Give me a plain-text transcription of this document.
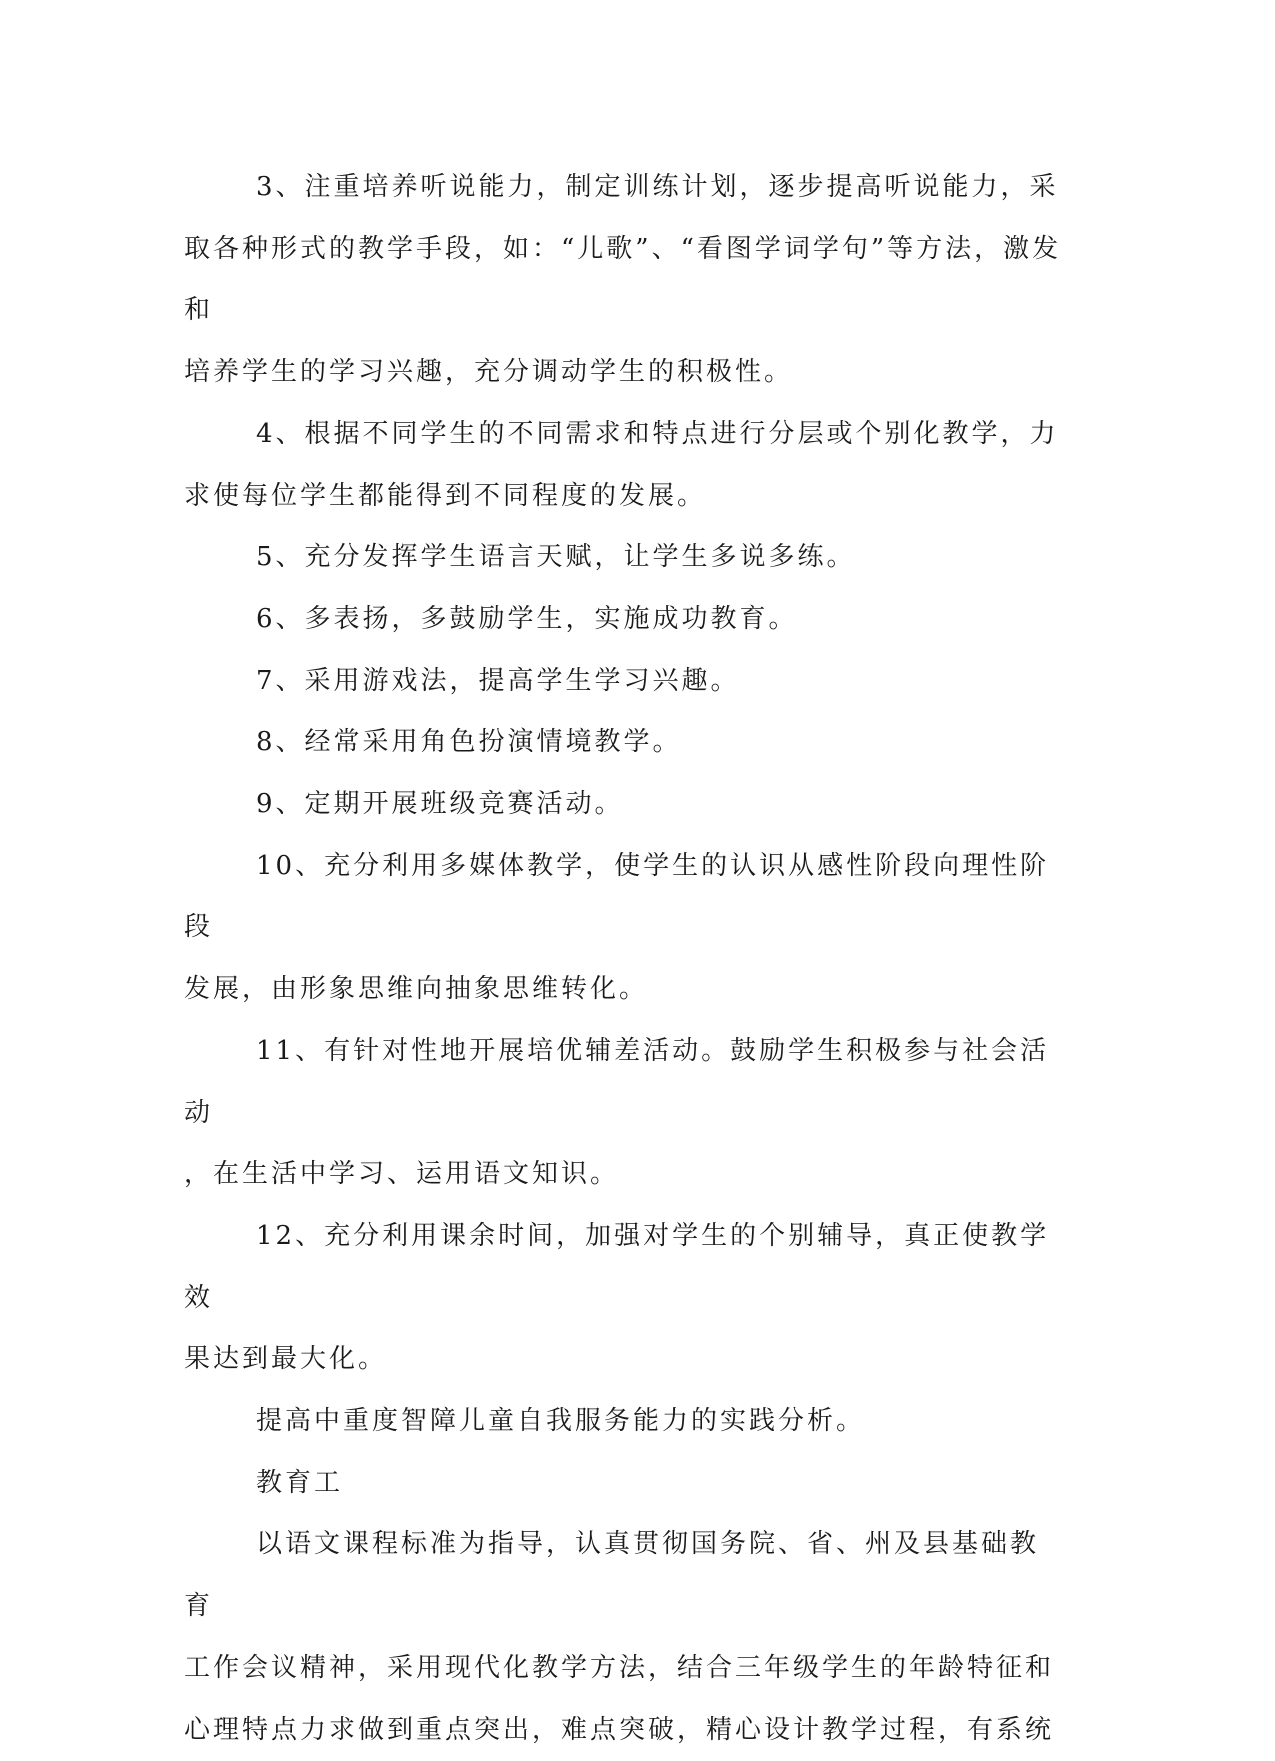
3、注重培养听说能力，制定训练计划，逐步提高听说能力，采
取各种形式的教学手段，如：“儿歌”、“看图学词学句”等方法，激发和
培养学生的学习兴趣，充分调动学生的积极性。

4、根据不同学生的不同需求和特点进行分层或个别化教学，力
求使每位学生都能得到不同程度的发展。

5、充分发挥学生语言天赋，让学生多说多练。

6、多表扬，多鼓励学生，实施成功教育。

7、采用游戏法，提高学生学习兴趣。

8、经常采用角色扮演情境教学。

9、定期开展班级竞赛活动。

10、充分利用多媒体教学，使学生的认识从感性阶段向理性阶段
发展，由形象思维向抽象思维转化。

11、有针对性地开展培优辅差活动。鼓励学生积极参与社会活动
，在生活中学习、运用语文知识。

12、充分利用课余时间，加强对学生的个别辅导，真正使教学效
果达到最大化。

提高中重度智障儿童自我服务能力的实践分析。

教育工

以语文课程标准为指导，认真贯彻国务院、省、州及县基础教育
工作会议精神，采用现代化教学方法，结合三年级学生的年龄特征和
心理特点力求做到重点突出，难点突破，精心设计教学过程，有系统
